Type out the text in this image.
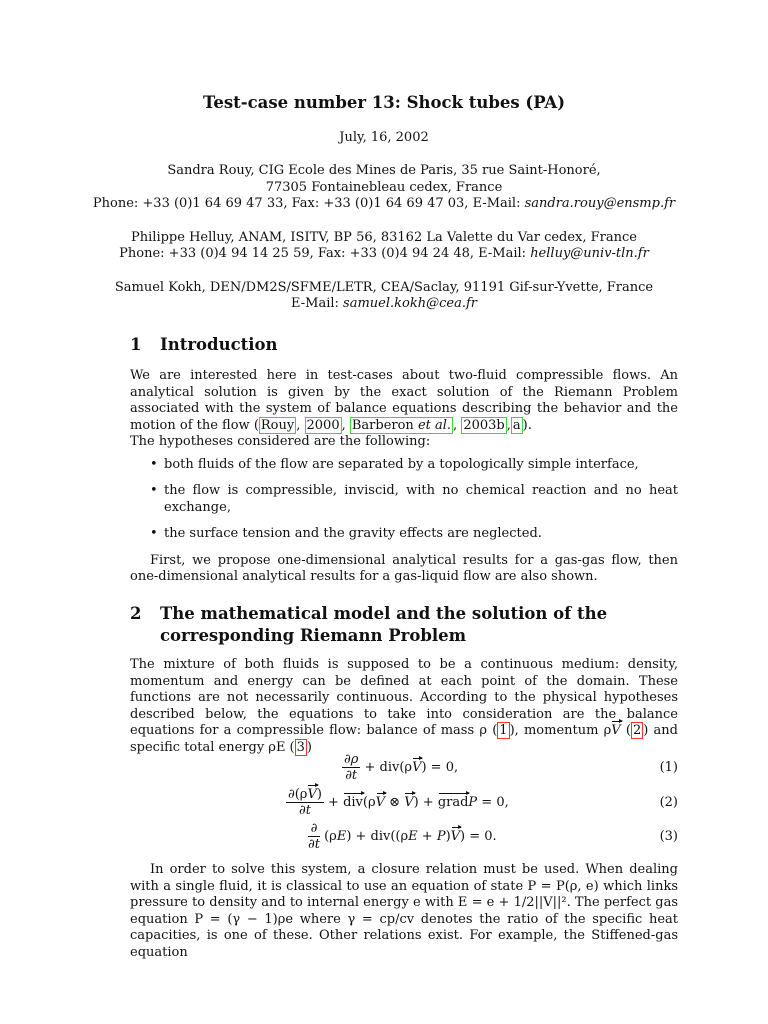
Test-case number 13: Shock tubes (PA)
July, 16, 2002
Sandra Rouy, CIG Ecole des Mines de Paris, 35 rue Saint-Honoré,
77305 Fontainebleau cedex, France
Phone: +33 (0)1 64 69 47 33, Fax: +33 (0)1 64 69 47 03, E-Mail: sandra.rouy@ensmp.fr
Philippe Helluy, ANAM, ISITV, BP 56, 83162 La Valette du Var cedex, France
Phone: +33 (0)4 94 14 25 59, Fax: +33 (0)4 94 24 48, E-Mail: helluy@univ-tln.fr
Samuel Kokh, DEN/DM2S/SFME/LETR, CEA/Saclay, 91191 Gif-sur-Yvette, France
E-Mail: samuel.kokh@cea.fr
1 Introduction

We are interested here in test-cases about two-fluid compressible flows. An analytical solution is given by the exact solution of the Riemann Problem associated with the system of balance equations describing the behavior and the motion of the flow ( Rouy , 2000 , Barberon et al. , 2003b , a ).
The hypotheses considered are the following:

• both fluids of the flow are separated by a topologically simple interface,
• the flow is compressible, inviscid, with no chemical reaction and no heat exchange,
• the surface tension and the gravity effects are neglected.

First, we propose one-dimensional analytical results for a gas-gas flow, then one-dimensional analytical results for a gas-liquid flow are also shown.

2	The mathematical model and the solution of the corresponding Riemann Problem

The mixture of both fluids is supposed to be a continuous medium: density, momentum and energy can be defined at each point of the domain. These functions are not necessarily continuous. According to the physical hypotheses described below, the equations to take into consideration are the balance equations for a compressible flow: balance of mass ρ ( 1 ), momentum ρV ( 2 ) and specific total energy ρE ( 3 )

$\frac{\partial\rho}{\partial t} + div(\rho V) = 0$,	(1)
$\frac{\partial(\rho V)}{\partial t} + div(\rho V$ ⊗ V) + gradP = 0,	(2)
$\frac{\partial}{\partial t} (\rho E) + div((\rho E + P)V) = 0$.	(3)

In order to solve this system, a closure relation must be used. When dealing with a single fluid, it is classical to use an equation of state P = P(ρ, e) which links pressure to density and to internal energy e with E = e + 1/2||V||². The perfect gas equation P = (γ − 1)ρe where γ = cp/cv denotes the ratio of the specific heat capacities, is one of these. Other relations exist. For example, the Stiffened-gas equation
